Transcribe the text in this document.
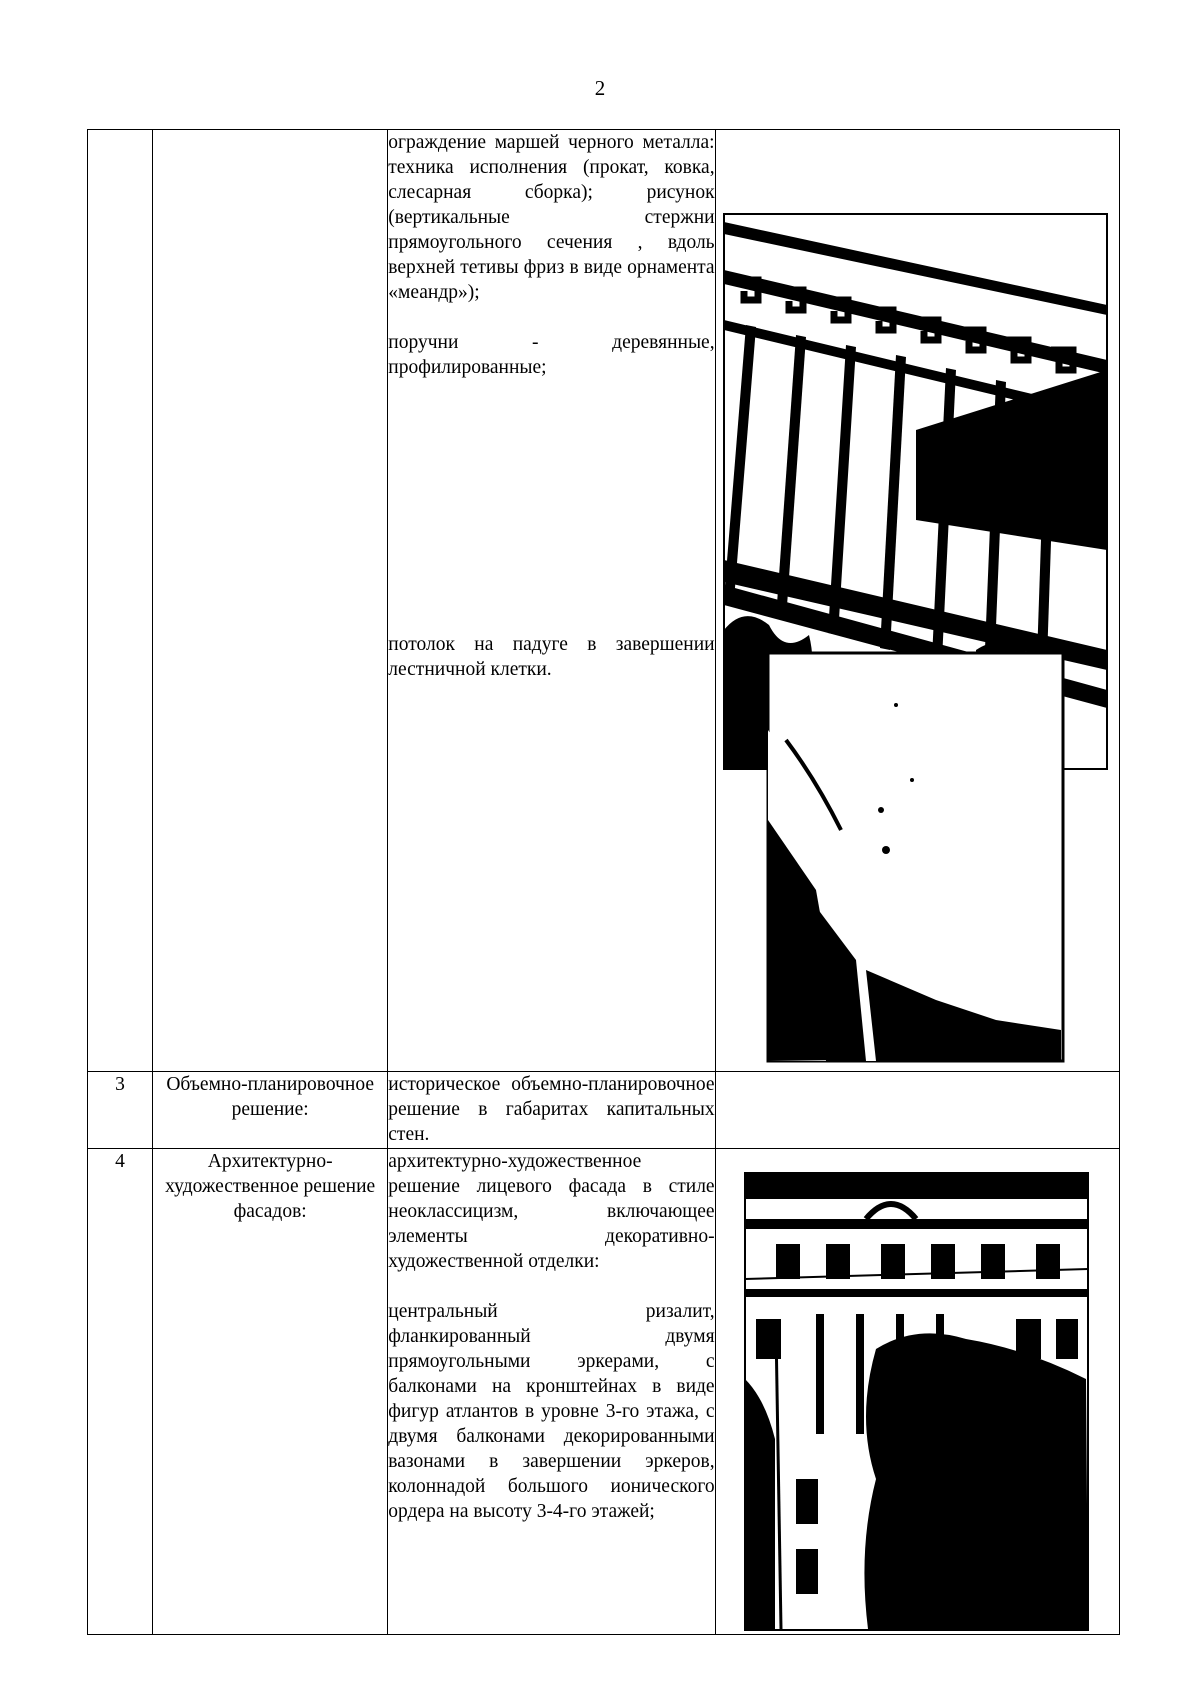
2

		ограждение маршей черного металла: техника исполнения (прокат, ковка, слесарная сборка); рисунок (вертикальные стержни прямоугольного сечения , вдоль верхней тетивы фриз в виде орнамента «меандр»);

поручни - деревянные, профилированные;

потолок на падуге в завершении лестничной клетки.

3	Объемно-планировочное решение:	историческое объемно-планировочное решение в габаритах капитальных стен.	

4	Архитектурно-художественное решение фасадов:	архитектурно-художественное решение лицевого фасада в стиле неоклассицизм, включающее элементы декоративно-художественной отделки:

центральный ризалит, фланкированный двумя прямоугольными эркерами, с балконами на кронштейнах в виде фигур атлантов в уровне 3-го этажа, с двумя балконами декорированными вазонами в завершении эркеров, колоннадой большого ионического ордера на высоту 3-4-го этажей;
